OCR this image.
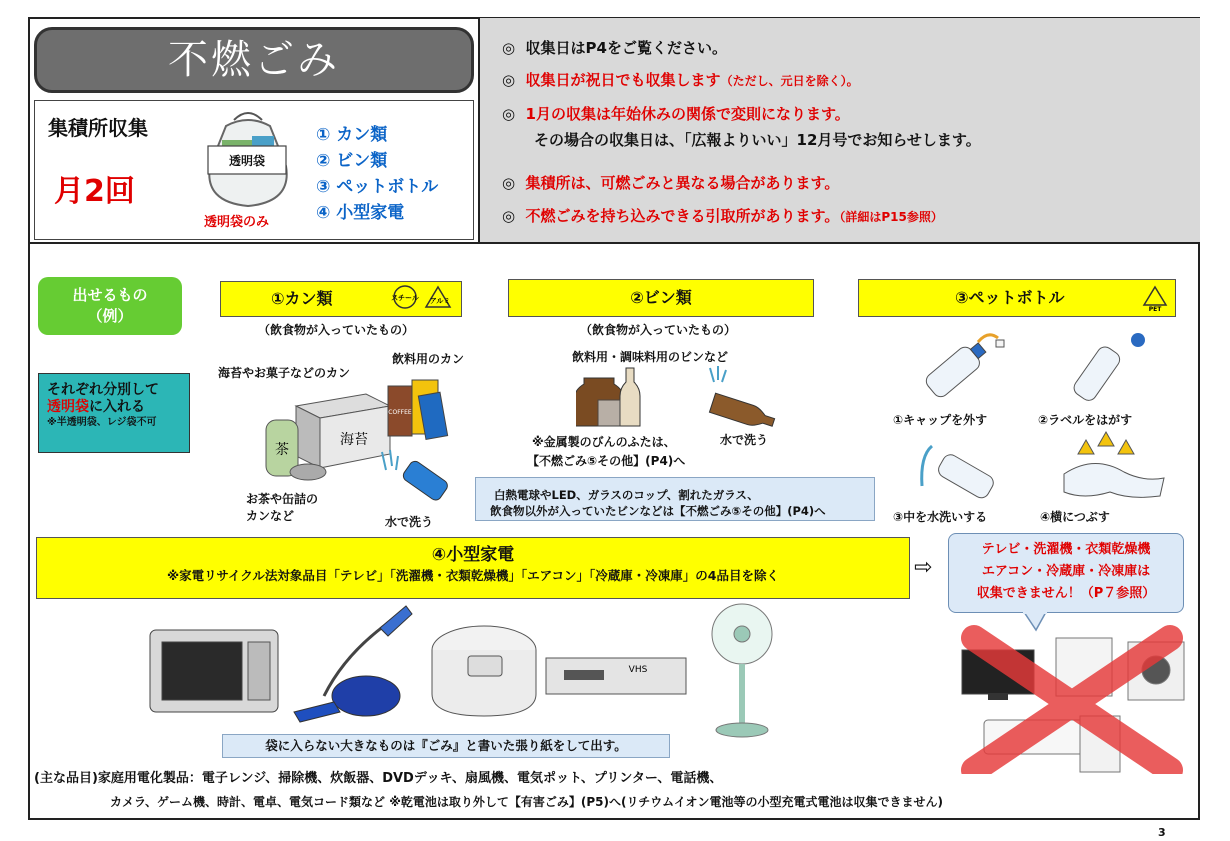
不燃ごみ
集積所収集
月2回
透明袋
透明袋のみ
① カン類
② ビン類
③ ペットボトル
④ 小型家電
◎ 収集日はP4をご覧ください。
◎ 収集日が祝日でも収集します（ただし、元日を除く）。
◎ 1月の収集は年始休みの関係で変則になります。
その場合の収集日は、「広報よりいい」12月号でお知らせします。
◎ 集積所は、可燃ごみと異なる場合があります。
◎ 不燃ごみを持ち込みできる引取所があります。（詳細はP15参照）
出せるもの
（例）
それぞれ分別して
透明袋に入れる
※半透明袋、レジ袋不可
①カン類	スチール アルミ
（飲食物が入っていたもの）
海苔やお菓子などのカン
飲料用のカン
お茶や缶詰の
カンなど	水で洗う
海苔
茶
COFFEE
②ビン類
（飲食物が入っていたもの）
飲料用・調味料用のビンなど
※金属製のびんのふたは、
【不燃ごみ⑤その他】(P4)へ
水で洗う
白熱電球やLED、ガラスのコップ、割れたガラス、
飲食物以外が入っていたビンなどは【不燃ごみ⑤その他】(P4)へ
③ペットボトル
PET
①キャップを外す	②ラベルをはがす
③中を水洗いする	④横につぶす
④小型家電
※家電リサイクル法対象品目「テレビ」「洗濯機・衣類乾燥機」「エアコン」「冷蔵庫・冷凍庫」の4品目を除く	⇨
テレビ・洗濯機・衣類乾燥機
エアコン・冷蔵庫・冷凍庫は
収集できません！（P７参照）
VHS
袋に入らない大きなものは『ごみ』と書いた張り紙をして出す。
(主な品目)家庭用電化製品：電子レンジ、掃除機、炊飯器、DVDデッキ、扇風機、電気ポット、プリンター、電話機、
カメラ、ゲーム機、時計、電卓、電気コード類など ※乾電池は取り外して【有害ごみ】(P5)へ(リチウムイオン電池等の小型充電式電池は収集できません)
3
